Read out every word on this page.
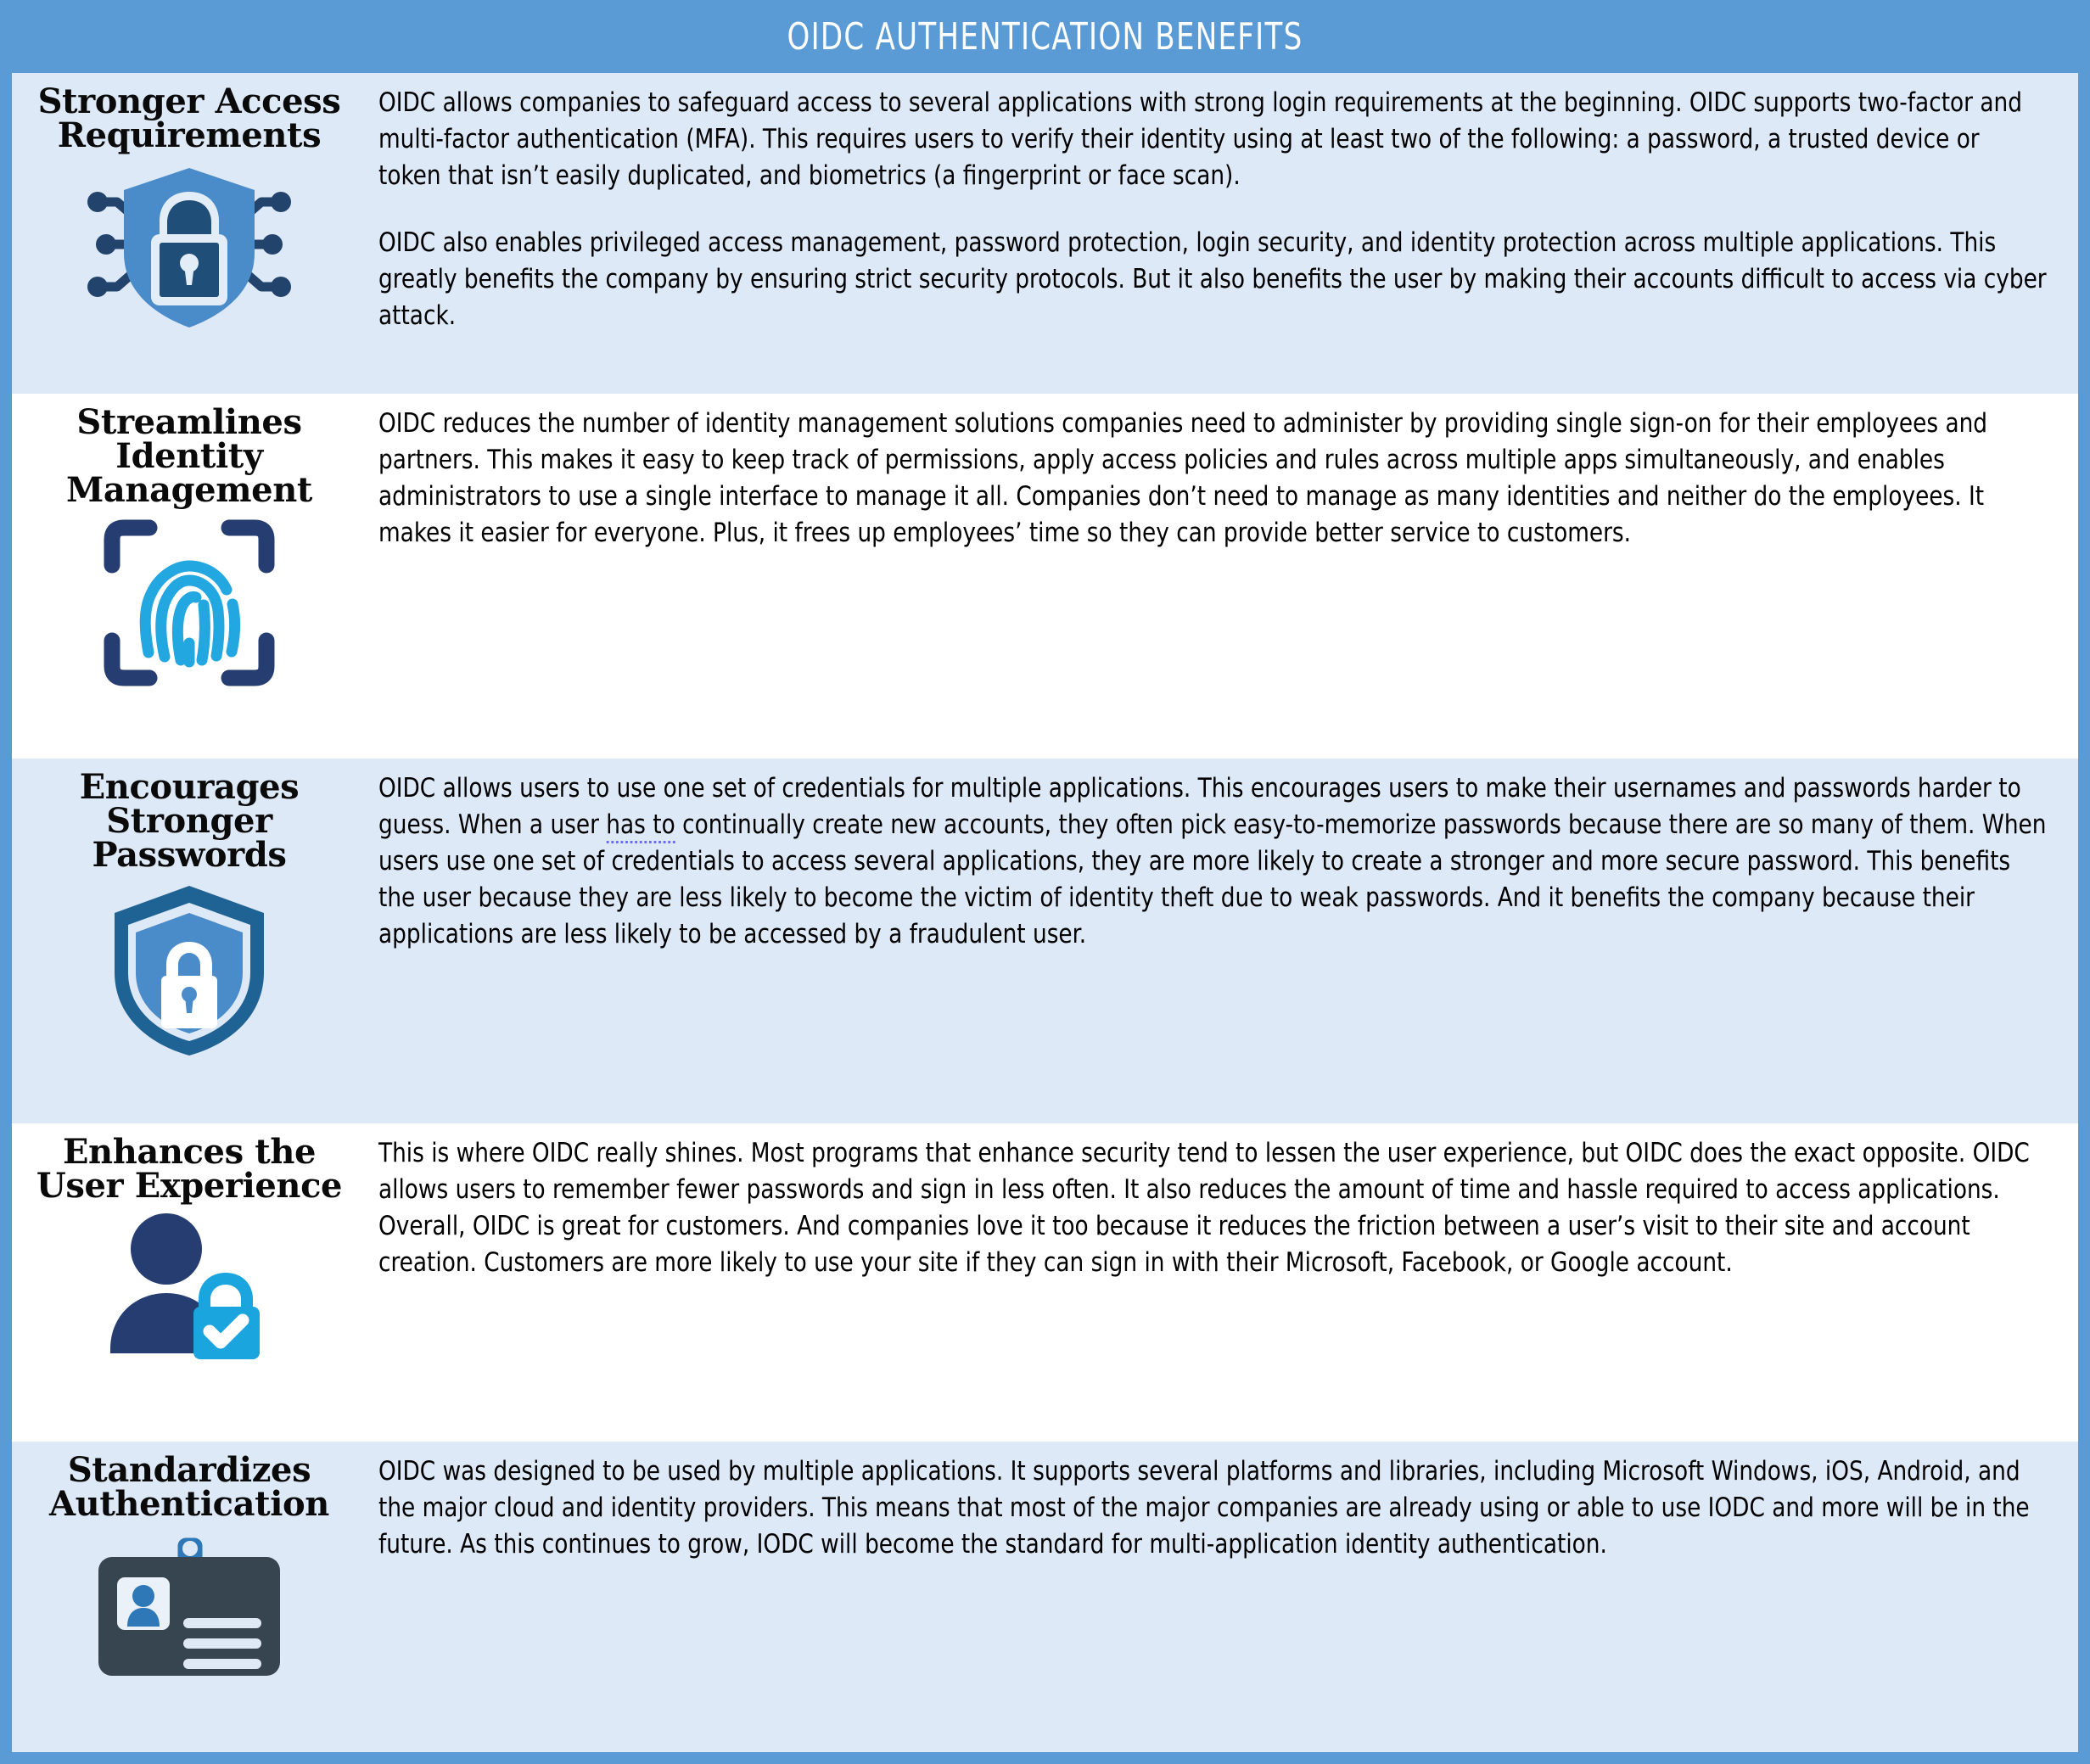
OIDC AUTHENTICATION BENEFITS
Stronger Access Requirements

OIDC allows companies to safeguard access to several applications with strong login requirements at the beginning. OIDC supports two-factor and multi-factor authentication (MFA). This requires users to verify their identity using at least two of the following: a password, a trusted device or token that isn’t easily duplicated, and biometrics (a fingerprint or face scan).

OIDC also enables privileged access management, password protection, login security, and identity protection across multiple applications. This greatly benefits the company by ensuring strict security protocols. But it also benefits the user by making their accounts difficult to access via cyber attack.

Streamlines Identity Management

OIDC reduces the number of identity management solutions companies need to administer by providing single sign-on for their employees and partners. This makes it easy to keep track of permissions, apply access policies and rules across multiple apps simultaneously, and enables administrators to use a single interface to manage it all. Companies don’t need to manage as many identities and neither do the employees. It makes it easier for everyone. Plus, it frees up employees’ time so they can provide better service to customers.

Encourages Stronger Passwords

OIDC allows users to use one set of credentials for multiple applications. This encourages users to make their usernames and passwords harder to guess. When a user has to continually create new accounts, they often pick easy-to-memorize passwords because there are so many of them. When users use one set of credentials to access several applications, they are more likely to create a stronger and more secure password. This benefits the user because they are less likely to become the victim of identity theft due to weak passwords. And it benefits the company because their applications are less likely to be accessed by a fraudulent user.

Enhances the User Experience

This is where OIDC really shines. Most programs that enhance security tend to lessen the user experience, but OIDC does the exact opposite. OIDC allows users to remember fewer passwords and sign in less often. It also reduces the amount of time and hassle required to access applications. Overall, OIDC is great for customers. And companies love it too because it reduces the friction between a user’s visit to their site and account creation. Customers are more likely to use your site if they can sign in with their Microsoft, Facebook, or Google account.

Standardizes Authentication

OIDC was designed to be used by multiple applications. It supports several platforms and libraries, including Microsoft Windows, iOS, Android, and the major cloud and identity providers. This means that most of the major companies are already using or able to use IODC and more will be in the future. As this continues to grow, IODC will become the standard for multi-application identity authentication.
